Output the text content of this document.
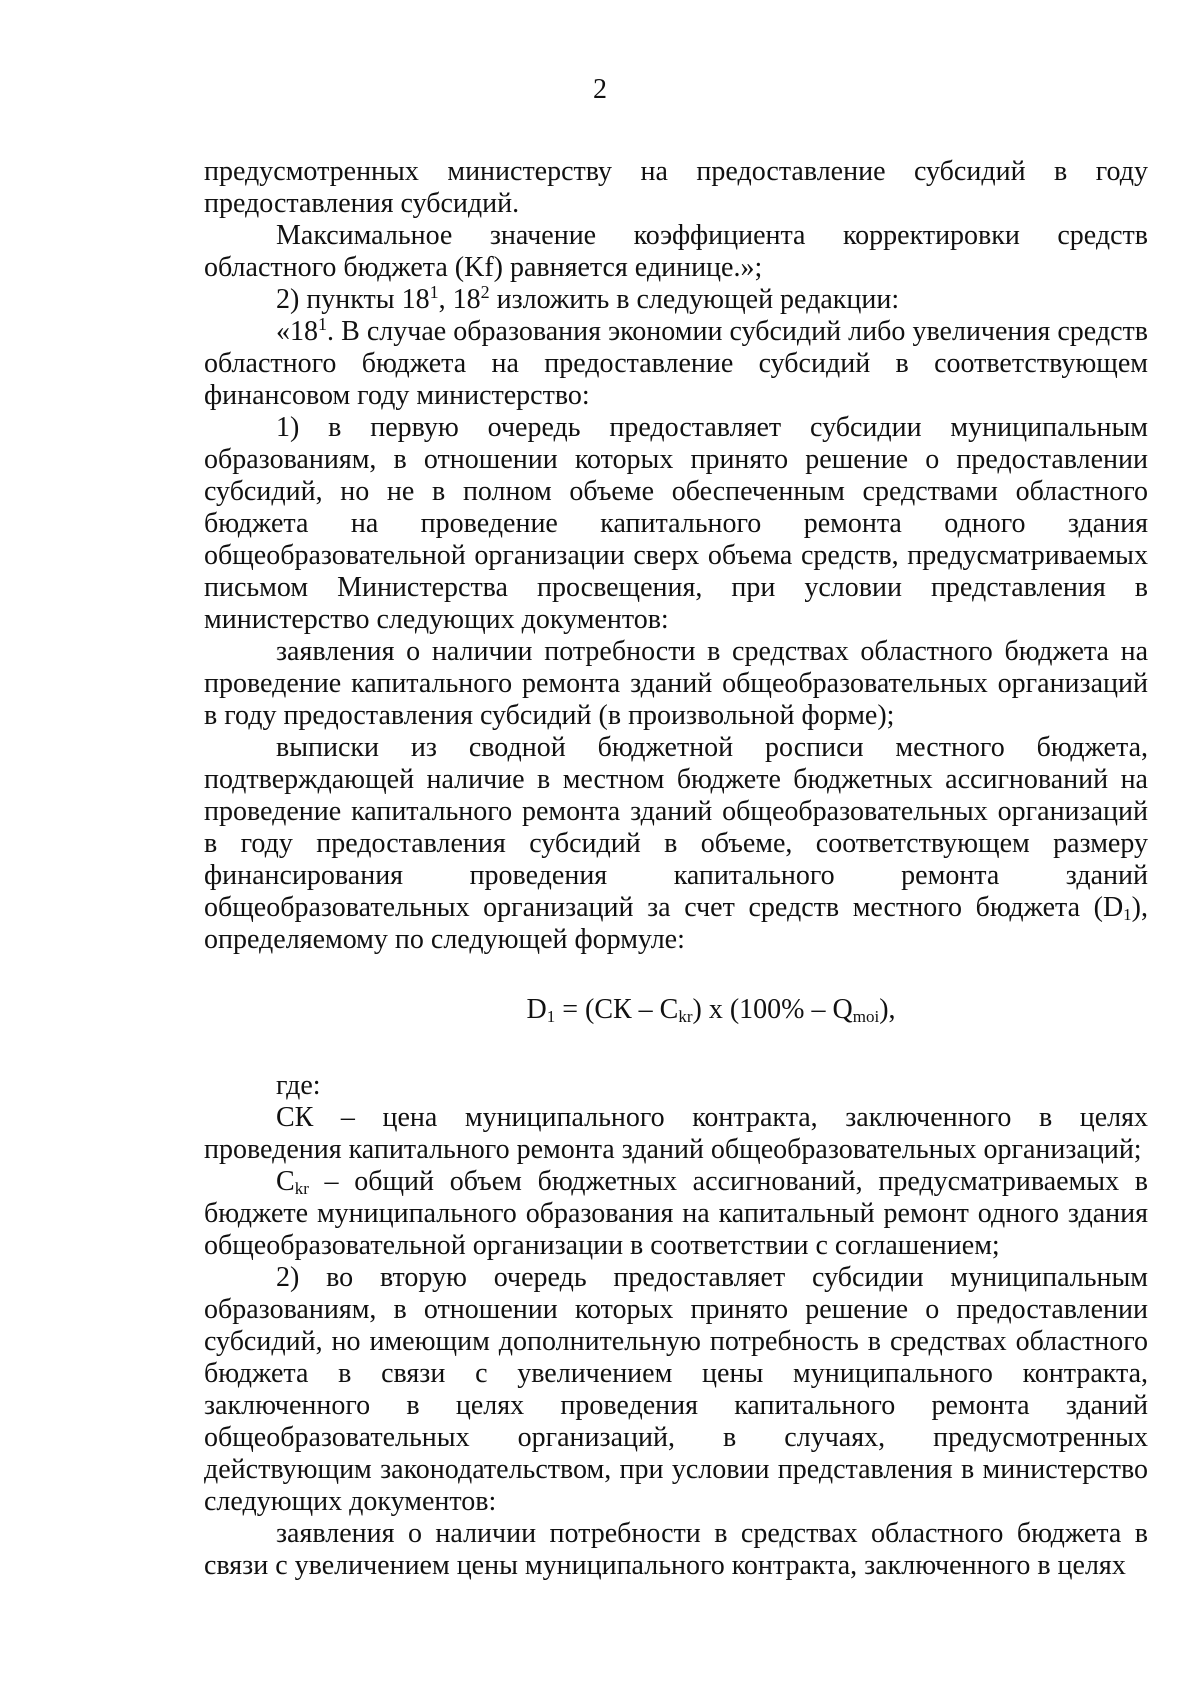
2

предусмотренных министерству на предоставление субсидий в году предоставления субсидий.

Максимальное значение коэффициента корректировки средств областного бюджета (Kf) равняется единице.»;

2) пункты $18^1$, $18^2$ изложить в следующей редакции:

«$18^1$. В случае образования экономии субсидий либо увеличения средств областного бюджета на предоставление субсидий в соответствующем финансовом году министерство:

1) в первую очередь предоставляет субсидии муниципальным образованиям, в отношении которых принято решение о предоставлении субсидий, но не в полном объеме обеспеченным средствами областного бюджета на проведение капитального ремонта одного здания общеобразовательной организации сверх объема средств, предусматриваемых письмом Министерства просвещения, при условии представления в министерство следующих документов:

заявления о наличии потребности в средствах областного бюджета на проведение капитального ремонта зданий общеобразовательных организаций в году предоставления субсидий (в произвольной форме);

выписки из сводной бюджетной росписи местного бюджета, подтверждающей наличие в местном бюджете бюджетных ассигнований на проведение капитального ремонта зданий общеобразовательных организаций в году предоставления субсидий в объеме, соответствующем размеру финансирования проведения капитального ремонта зданий общеобразовательных организаций за счет средств местного бюджета $(D_1)$, определяемому по следующей формуле:

$D_1 = (СК - C_{kr})$ x $(100\% - Q_{moi})$,

где:

СК – цена муниципального контракта, заключенного в целях проведения капитального ремонта зданий общеобразовательных организаций;

$C_{kr}$ – общий объем бюджетных ассигнований, предусматриваемых в бюджете муниципального образования на капитальный ремонт одного здания общеобразовательной организации в соответствии с соглашением;

2) во вторую очередь предоставляет субсидии муниципальным образованиям, в отношении которых принято решение о предоставлении субсидий, но имеющим дополнительную потребность в средствах областного бюджета в связи с увеличением цены муниципального контракта, заключенного в целях проведения капитального ремонта зданий общеобразовательных организаций, в случаях, предусмотренных действующим законодательством, при условии представления в министерство следующих документов:

заявления о наличии потребности в средствах областного бюджета в связи с увеличением цены муниципального контракта, заключенного в целях
